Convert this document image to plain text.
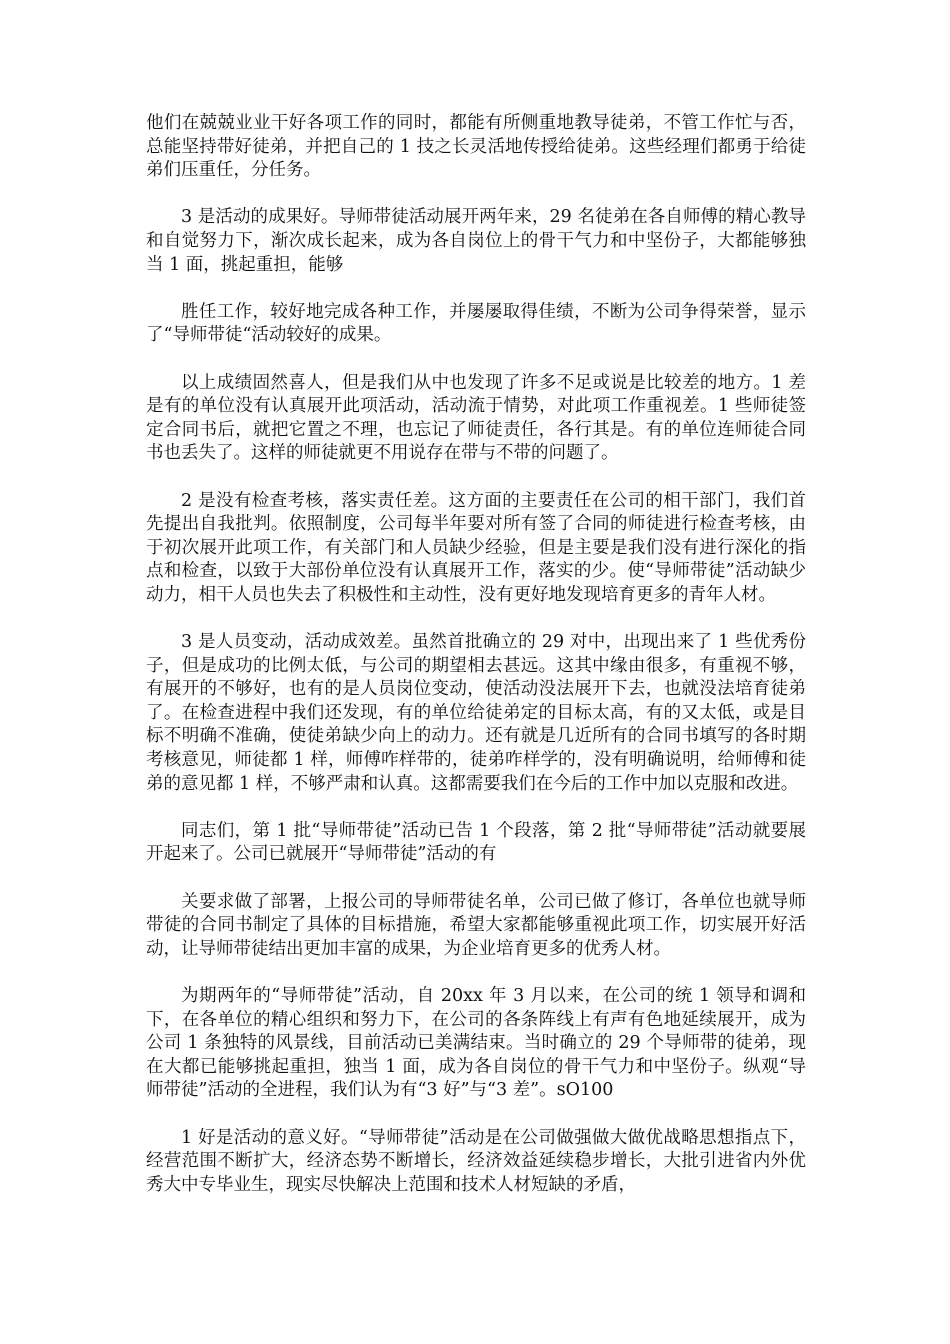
他们在兢兢业业干好各项工作的同时，都能有所侧重地教导徒弟，不管工作忙与否，总能坚持带好徒弟，并把自己的 1 技之长灵活地传授给徒弟。这些经理们都勇于给徒弟们压重任，分任务。

3 是活动的成果好。导师带徒活动展开两年来，29 名徒弟在各自师傅的精心教导和自觉努力下，渐次成长起来，成为各自岗位上的骨干气力和中坚份子，大都能够独当 1 面，挑起重担，能够

胜任工作，较好地完成各种工作，并屡屡取得佳绩，不断为公司争得荣誉，显示了“导师带徒“活动较好的成果。

以上成绩固然喜人，但是我们从中也发现了许多不足或说是比较差的地方。1 差是有的单位没有认真展开此项活动，活动流于情势，对此项工作重视差。1 些师徒签定合同书后，就把它置之不理，也忘记了师徒责任，各行其是。有的单位连师徒合同书也丢失了。这样的师徒就更不用说存在带与不带的问题了。

2 是没有检查考核，落实责任差。这方面的主要责任在公司的相干部门，我们首先提出自我批判。依照制度，公司每半年要对所有签了合同的师徒进行检查考核，由于初次展开此项工作，有关部门和人员缺少经验，但是主要是我们没有进行深化的指点和检查，以致于大部份单位没有认真展开工作，落实的少。使“导师带徒”活动缺少动力，相干人员也失去了积极性和主动性，没有更好地发现培育更多的青年人材。

3 是人员变动，活动成效差。虽然首批确立的 29 对中，出现出来了 1 些优秀份子，但是成功的比例太低，与公司的期望相去甚远。这其中缘由很多，有重视不够，有展开的不够好，也有的是人员岗位变动，使活动没法展开下去，也就没法培育徒弟了。在检查进程中我们还发现，有的单位给徒弟定的目标太高，有的又太低，或是目标不明确不准确，使徒弟缺少向上的动力。还有就是几近所有的合同书填写的各时期考核意见，师徒都 1 样，师傅咋样带的，徒弟咋样学的，没有明确说明，给师傅和徒弟的意见都 1 样，不够严肃和认真。这都需要我们在今后的工作中加以克服和改进。

同志们，第 1 批“导师带徒”活动已告 1 个段落，第 2 批“导师带徒”活动就要展开起来了。公司已就展开“导师带徒”活动的有

关要求做了部署，上报公司的导师带徒名单，公司已做了修订，各单位也就导师带徒的合同书制定了具体的目标措施，希望大家都能够重视此项工作，切实展开好活动，让导师带徒结出更加丰富的成果，为企业培育更多的优秀人材。

为期两年的“导师带徒”活动，自 20xx 年 3 月以来，在公司的统 1 领导和调和下，在各单位的精心组织和努力下，在公司的各条阵线上有声有色地延续展开，成为公司 1 条独特的风景线，目前活动已美满结束。当时确立的 29 个导师带的徒弟，现在大都已能够挑起重担，独当 1 面，成为各自岗位的骨干气力和中坚份子。纵观“导师带徒”活动的全进程，我们认为有“3 好”与“3 差”。sO100

1 好是活动的意义好。“导师带徒”活动是在公司做强做大做优战略思想指点下，经营范围不断扩大，经济态势不断增长，经济效益延续稳步增长，大批引进省内外优秀大中专毕业生，现实尽快解决上范围和技术人材短缺的矛盾，
